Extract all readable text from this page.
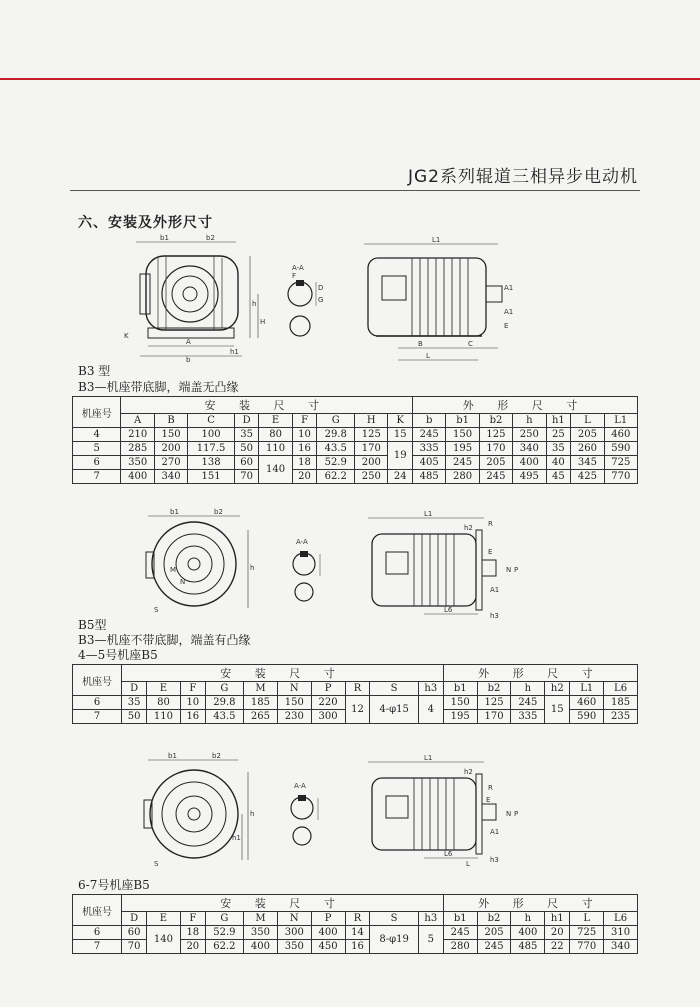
JG2系列辊道三相异步电动机
六、安装及外形尺寸
b1	b2
A
b
h
H
h1
K
A-A
F
G
D
L1
B	C
L
A1
A1
E
B3 型
B3—机座带底脚，端盖无凸缘
机座号	安 装 尺 寸									外 形 尺 寸						
	A	B	C	D	E	F	G	H	K	b	b1	b2	h	h1	L	L1
4	210	150	100	35	80	10	29.8	125	15	245	150	125	250	25	205	460
5	285	200	117.5	50	110	16	43.5	170	19	335	195	170	340	35	260	590
6	350	270	138	60	140	18	52.9	200		405	245	205	400	40	345	725
7	400	340	151	70		20	62.2	250	24	485	280	245	495	45	425	770
b1	b2
h
M
N
S
A-A
L1
h2 R
E
N P
A1
L6
h3
B5型
B3—机座不带底脚，端盖有凸缘
4—5号机座B5
机座号	安 装 尺 寸										外 形 尺 寸					
	D	E	F	G	M	N	P	R	S	h3	b1	b2	h	h2	L1	L6
6	35	80	10	29.8	185	150	220	12	4-φ15	4	150	125	245	15	460	185
7	50	110	16	43.5	265	230	300				195	170	335		590	235
b1	b2
h
h1
S
A-A
L1
h2
R
E
N P
A1
L6
h3
L
6-7号机座B5
机座号	安 装 尺 寸										外 形 尺 寸					
	D	E	F	G	M	N	P	R	S	h3	b1	b2	h	h1	L	L6
6	60	140	18	52.9	350	300	400	14	8-φ19	5	245	205	400	20	725	310
7	70		20	62.2	400	350	450	16			280	245	485	22	770	340
